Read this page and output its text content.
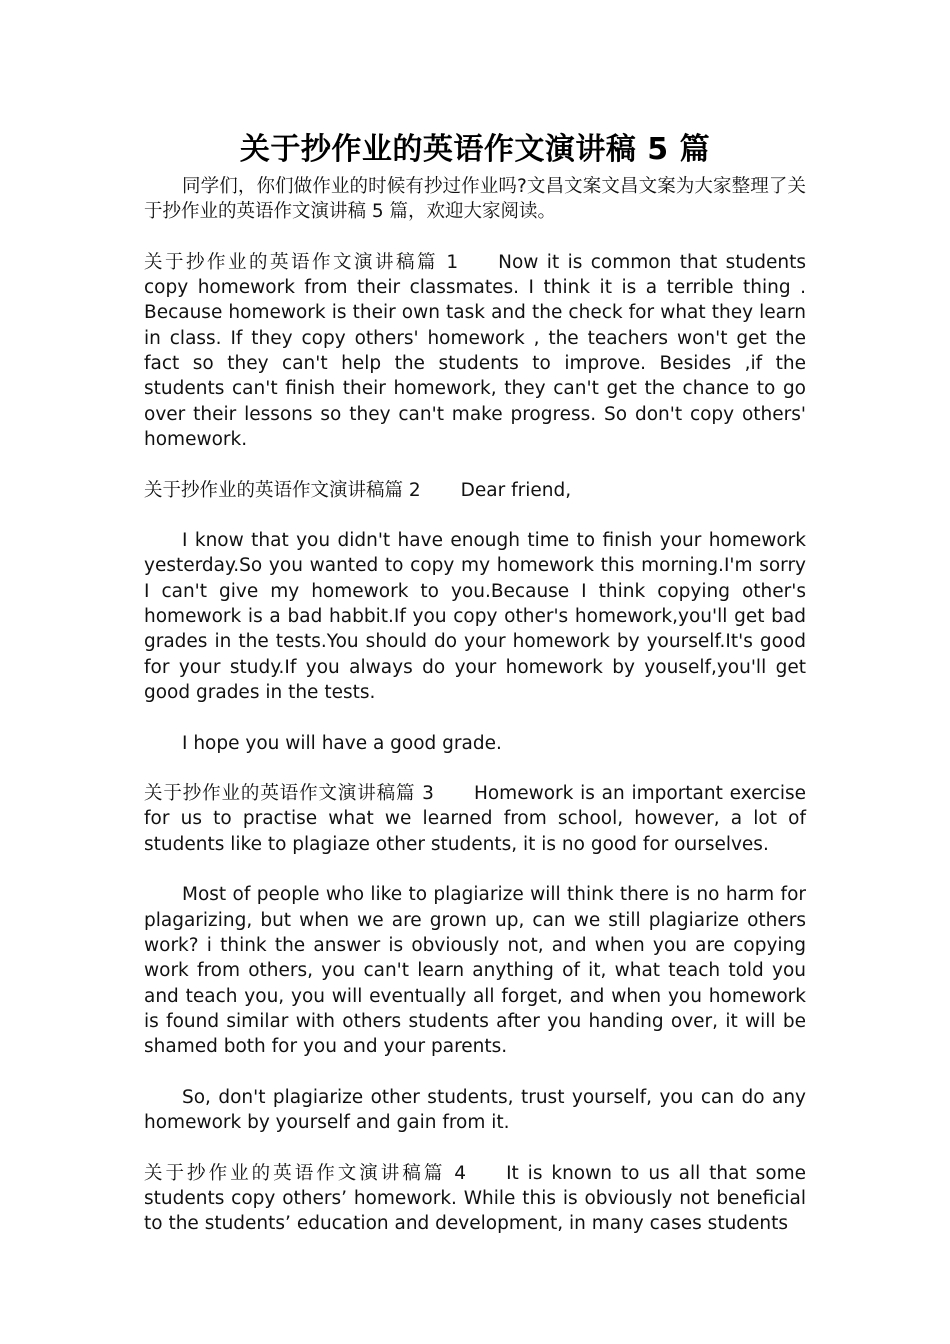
关于抄作业的英语作文演讲稿 5 篇

同学们，你们做作业的时候有抄过作业吗?文昌文案文昌文案为大家整理了关于抄作业的英语作文演讲稿 5 篇，欢迎大家阅读。

关于抄作业的英语作文演讲稿篇 1 Now it is common that students copy homework from their classmates. I think it is a terrible thing . Because homework is their own task and the check for what they learn in class. If they copy others' homework , the teachers won't get the fact so they can't help the students to improve. Besides ,if the students can't finish their homework, they can't get the chance to go over their lessons so they can't make progress. So don't copy others' homework.

关于抄作业的英语作文演讲稿篇 2 Dear friend,

I know that you didn't have enough time to finish your homework yesterday.So you wanted to copy my homework this morning.I'm sorry I can't give my homework to you.Because I think copying other's homework is a bad habbit.If you copy other's homework,you'll get bad grades in the tests.You should do your homework by yourself.It's good for your study.If you always do your homework by youself,you'll get good grades in the tests.

I hope you will have a good grade.

关于抄作业的英语作文演讲稿篇 3 Homework is an important exercise for us to practise what we learned from school, however, a lot of students like to plagiaze other students, it is no good for ourselves.

Most of people who like to plagiarize will think there is no harm for plagarizing, but when we are grown up, can we still plagiarize others work? i think the answer is obviously not, and when you are copying work from others, you can't learn anything of it, what teach told you and teach you, you will eventually all forget, and when you homework is found similar with others students after you handing over, it will be shamed both for you and your parents.

So, don't plagiarize other students, trust yourself, you can do any homework by yourself and gain from it.

关于抄作业的英语作文演讲稿篇 4 It is known to us all that some students copy others’ homework. While this is obviously not beneficial to the students’ education and development, in many cases students
